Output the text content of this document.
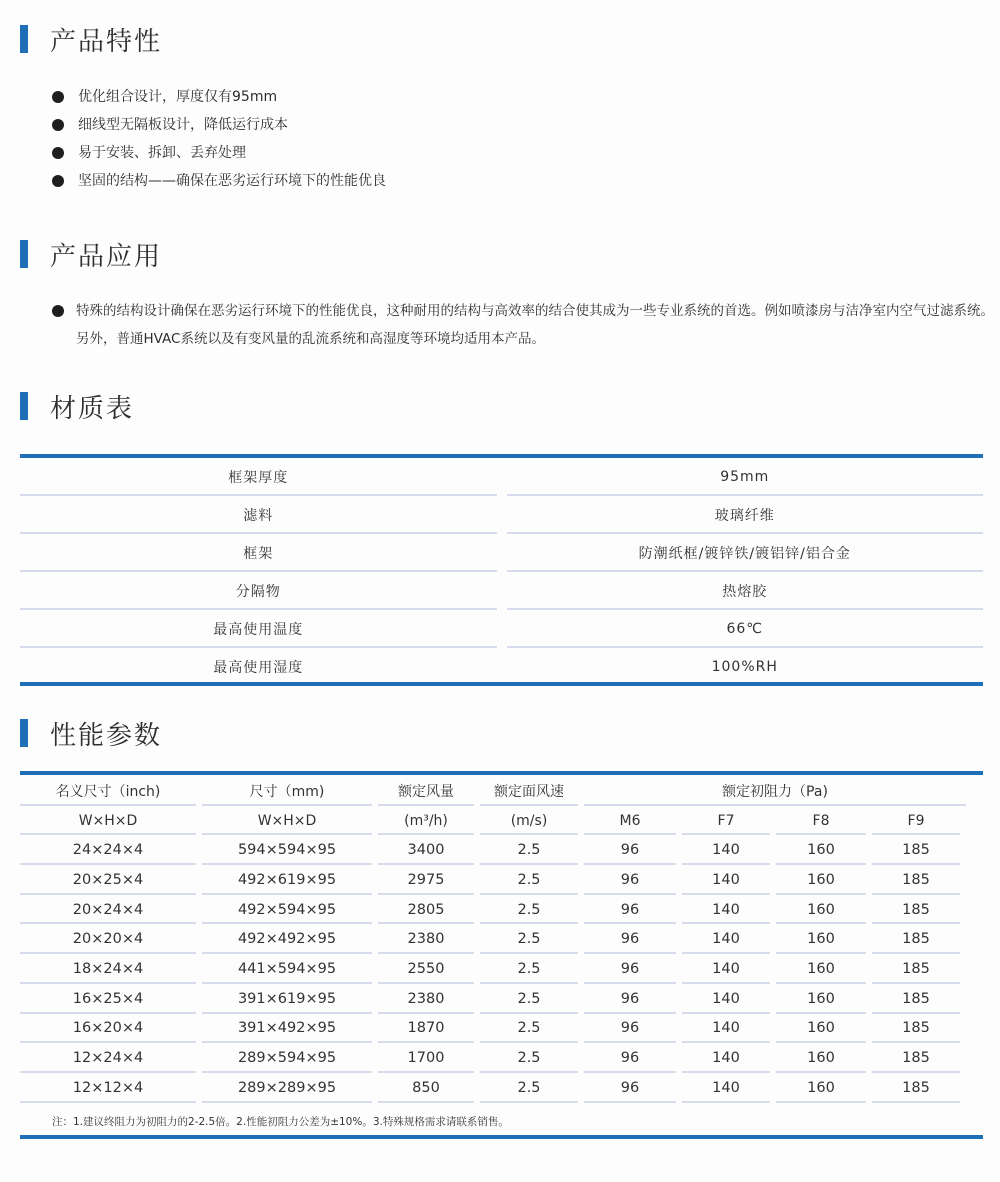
产品特性
优化组合设计，厚度仅有95mm
细线型无隔板设计，降低运行成本
易于安装、拆卸、丢弃处理
坚固的结构——确保在恶劣运行环境下的性能优良
产品应用
特殊的结构设计确保在恶劣运行环境下的性能优良，这种耐用的结构与高效率的结合使其成为一些专业系统的首选。例如喷漆房与洁净室内空气过滤系统。另外，普通HVAC系统以及有变风量的乱流系统和高湿度等环境均适用本产品。
材质表
框架厚度	95mm
滤料	玻璃纤维
框架	防潮纸框/镀锌铁/镀铝锌/铝合金
分隔物	热熔胶
最高使用温度	66℃
最高使用湿度	100%RH
性能参数
名义尺寸（inch)	尺寸（mm)	额定风量	额定面风速	额定初阻力（Pa)
W×H×D	W×H×D	(m³/h)	(m/s)	M6	F7	F8	F9
24×24×4	594×594×95	3400	2.5	96	140	160	185
20×25×4	492×619×95	2975	2.5	96	140	160	185
20×24×4	492×594×95	2805	2.5	96	140	160	185
20×20×4	492×492×95	2380	2.5	96	140	160	185
18×24×4	441×594×95	2550	2.5	96	140	160	185
16×25×4	391×619×95	2380	2.5	96	140	160	185
16×20×4	391×492×95	1870	2.5	96	140	160	185
12×24×4	289×594×95	1700	2.5	96	140	160	185
12×12×4	289×289×95	850	2.5	96	140	160	185
注：1.建议终阻力为初阻力的2-2.5倍。2.性能初阻力公差为±10%。3.特殊规格需求请联系销售。
